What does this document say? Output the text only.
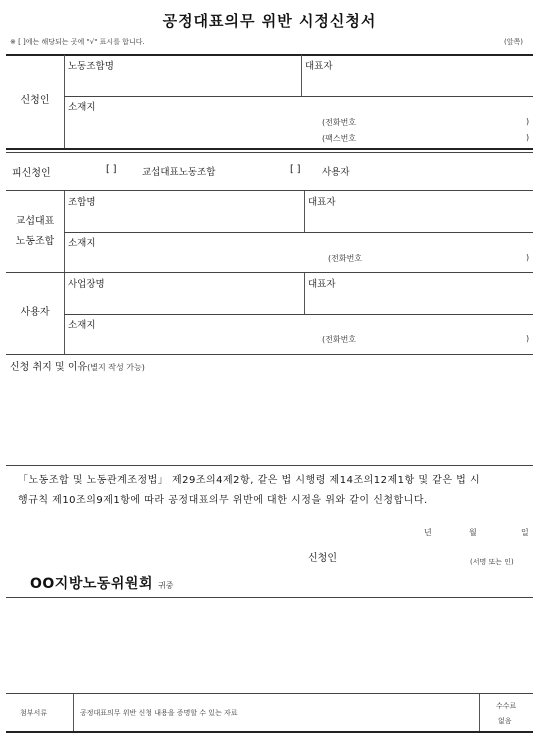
공정대표의무 위반 시정신청서
※ [ ]에는 해당되는 곳에 "√" 표시를 합니다.	(앞쪽)
신청인
노동조합명	대표자
소재지
(전화번호	)
(팩스번호	)
피신청인	[ ]	교섭대표노동조합	[ ] 사용자
교섭대표
노동조합
조합명	대표자
소재지
(전화번호	)
사용자
사업장명	대표자
소재지
(전화번호	)
신청 취지 및 이유(별지 작성 가능)
「노동조합 및 노동관계조정법」 제29조의4제2항, 같은 법 시행령 제14조의12제1항 및 같은 법 시
행규칙 제10조의9제1항에 따라 공정대표의무 위반에 대한 시정을 위와 같이 신청합니다.
년	월	일
신청인	(서명 또는 인)
OO지방노동위원회 귀중
첨부서류	공정대표의무 위반 신청 내용을 증명할 수 있는 자료
수수료
없음
